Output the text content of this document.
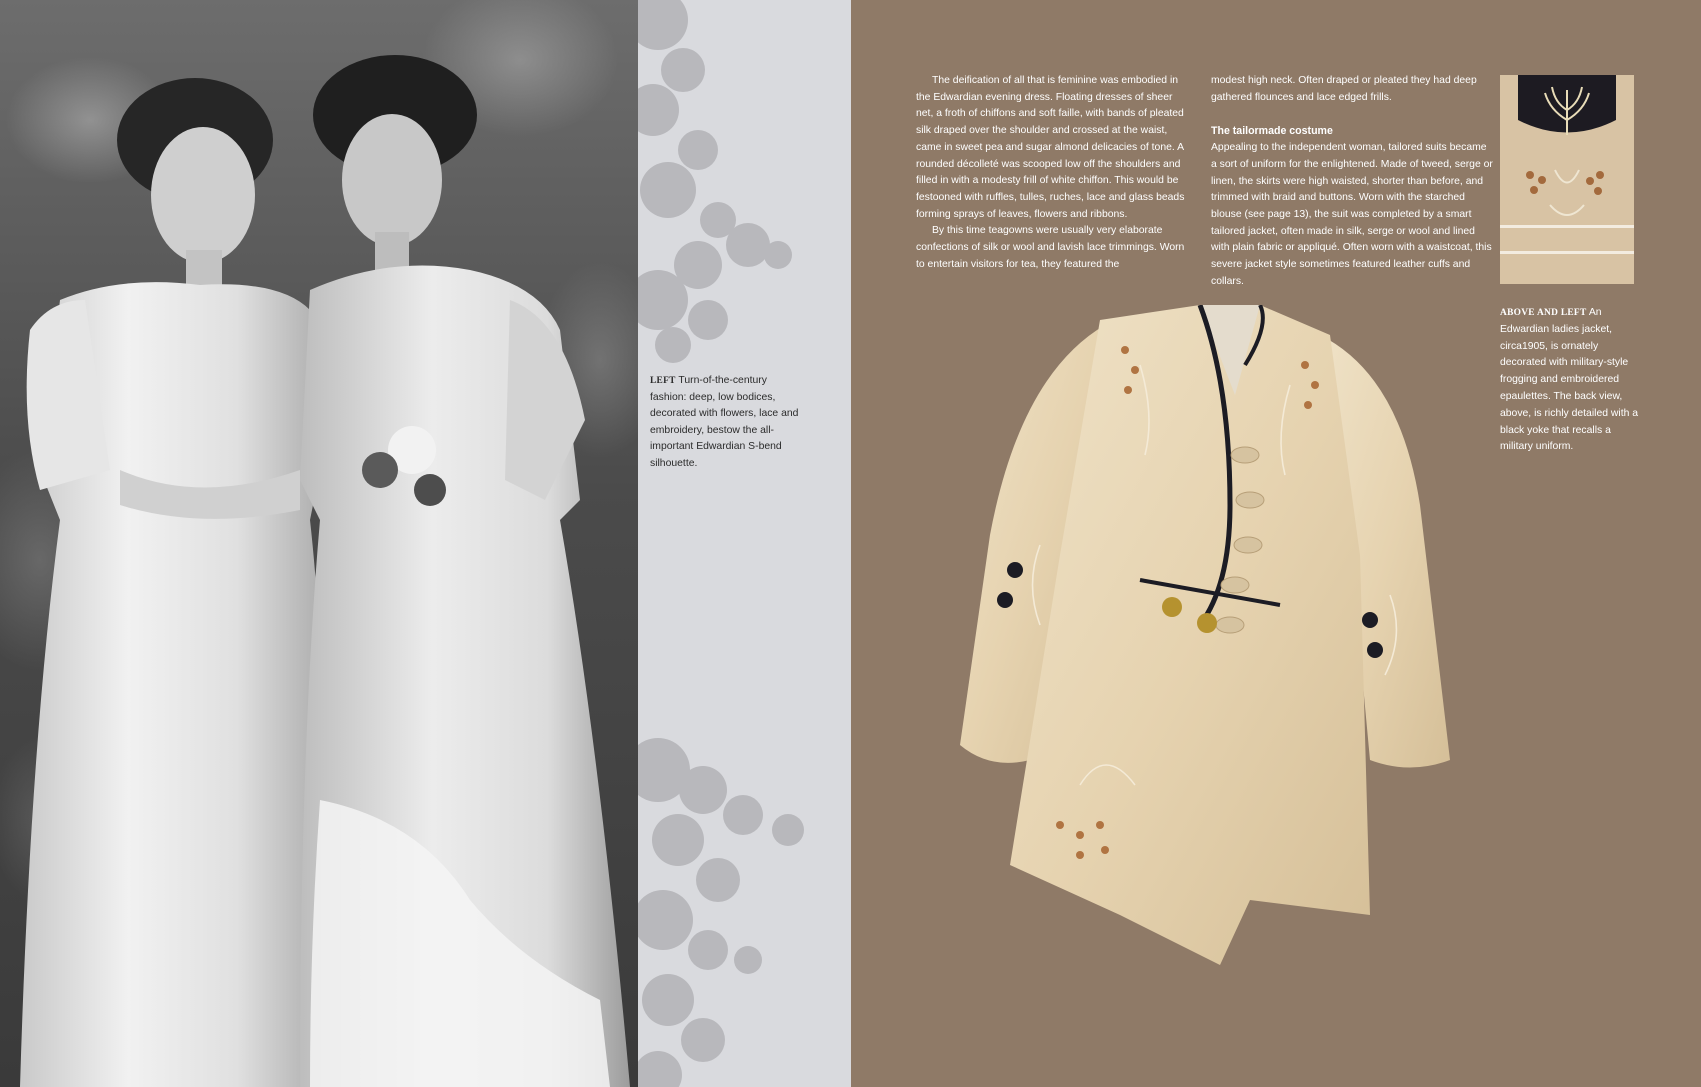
LEFT Turn-of-the-century fashion: deep, low bodices, decorated with flowers, lace and embroidery, bestow the all-important Edwardian S-bend silhouette.

The deification of all that is feminine was embodied in the Edwardian evening dress. Floating dresses of sheer net, a froth of chiffons and soft faille, with bands of pleated silk draped over the shoulder and crossed at the waist, came in sweet pea and sugar almond delicacies of tone. A rounded décolleté was scooped low off the shoulders and filled in with a modesty frill of white chiffon. This would be festooned with ruffles, tulles, ruches, lace and glass beads forming sprays of leaves, flowers and ribbons.

By this time teagowns were usually very elaborate confections of silk or wool and lavish lace trimmings. Worn to entertain visitors for tea, they featured the

modest high neck. Often draped or pleated they had deep gathered flounces and lace edged frills.

The tailormade costume

Appealing to the independent woman, tailored suits became a sort of uniform for the enlightened. Made of tweed, serge or linen, the skirts were high waisted, shorter than before, and trimmed with braid and buttons. Worn with the starched blouse (see page 13), the suit was completed by a smart tailored jacket, often made in silk, serge or wool and lined with plain fabric or appliqué. Often worn with a waistcoat, this severe jacket style sometimes featured leather cuffs and collars.

ABOVE AND LEFT An Edwardian ladies jacket, circa1905, is ornately decorated with military-style frogging and embroidered epaulettes. The back view, above, is richly detailed with a black yoke that recalls a military uniform.
